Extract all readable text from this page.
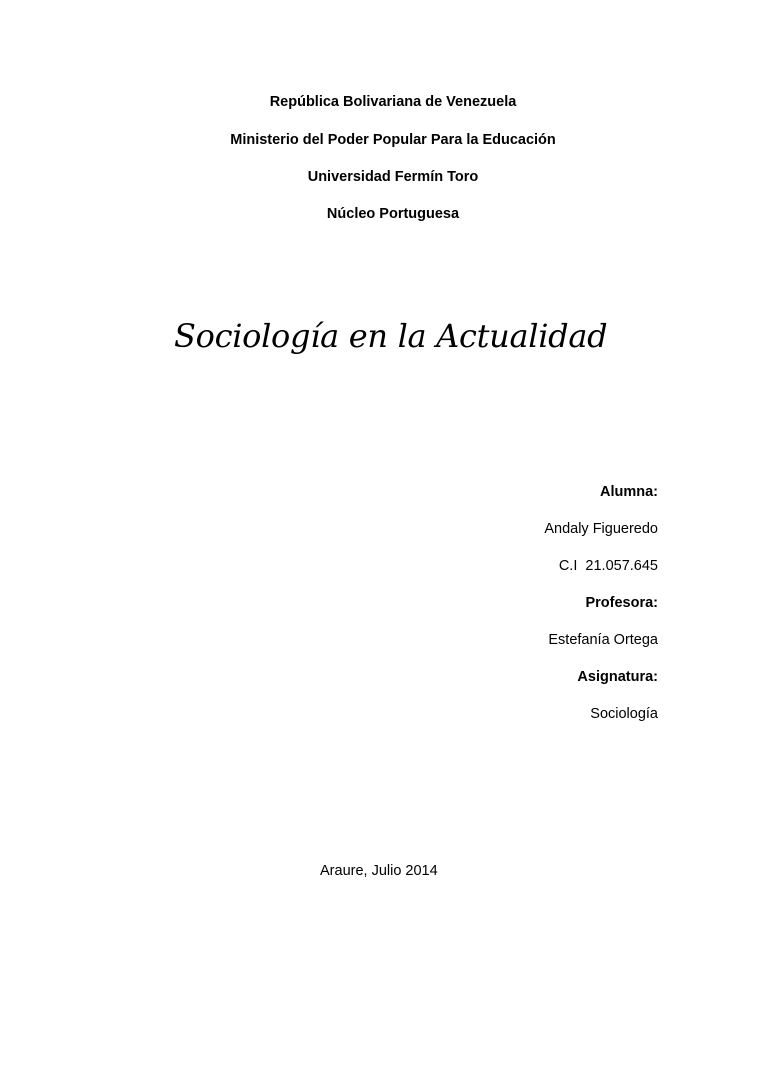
República Bolivariana de Venezuela
Ministerio del Poder Popular Para la Educación
Universidad Fermín Toro
Núcleo Portuguesa
Sociología en la Actualidad
Alumna:
Andaly Figueredo
C.I  21.057.645
Profesora:
Estefanía Ortega
Asignatura:
Sociología
Araure, Julio 2014
